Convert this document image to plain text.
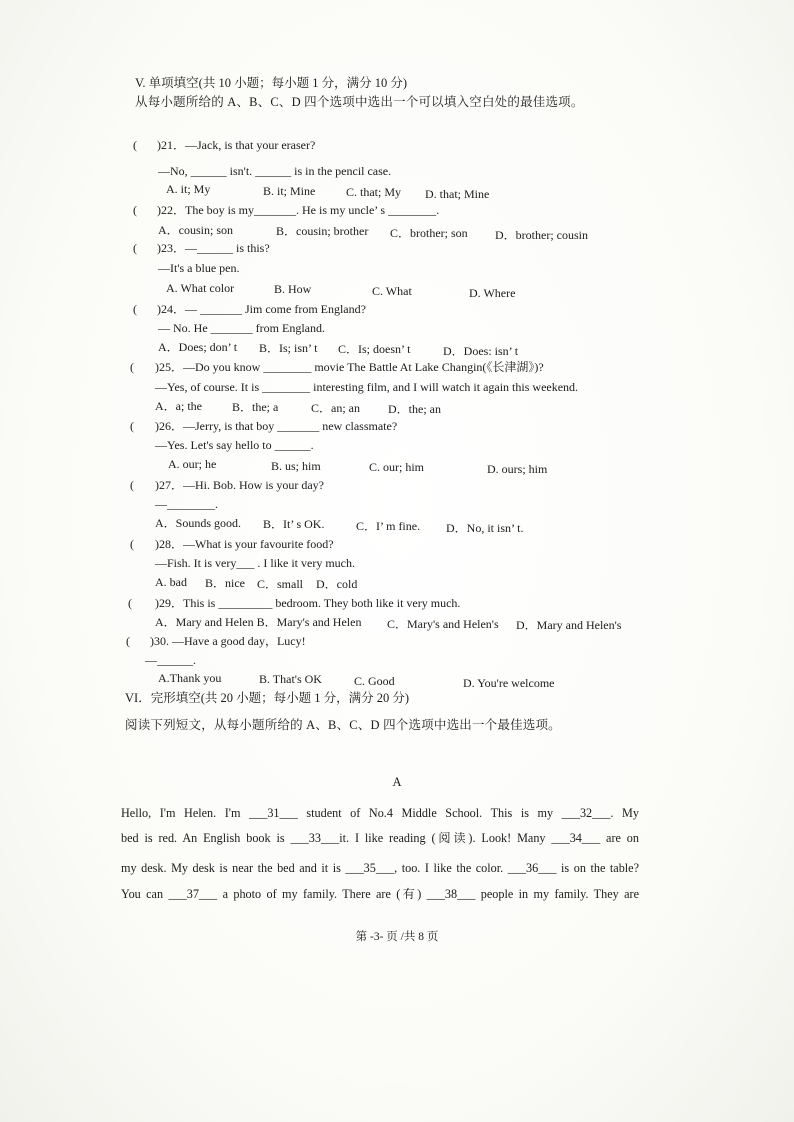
V. 单项填空(共 10 小题；每小题 1 分，满分 10 分)
从每小题所给的 A、B、C、D 四个选项中选出一个可以填入空白处的最佳选项。
( )21．—Jack, is that your eraser?
—No, ______ isn't. ______ is in the pencil case.
A. it; My	B. it; Mine	C. that; My D. that; Mine
( )22．The boy is my_______. He is my uncle’ s ________.
A．cousin; son	B．cousin; brother C．brother; son D．brother; cousin
( )23．—______ is this?
—It's a blue pen.
A. What color	B. How	C. What	D. Where
( )24．— _______ Jim come from England?
— No. He _______ from England.
A．Does; don’ t B．Is; isn’ t C．Is; doesn’ t	D．Does: isn’ t
( )25．—Do you know ________ movie The Battle At Lake Changin(《长津湖》)?
—Yes, of course. It is ________ interesting film, and I will watch it again this weekend.
A．a; the	B．the; a	C．an; an D．the; an
( )26．—Jerry, is that boy _______ new classmate?
—Yes. Let's say hello to ______.
A. our; he	B. us; him	C. our; him	D. ours; him
( )27．—Hi. Bob. How is your day?
—________.
A．Sounds good. B．It’ s OK.	C．I’ m fine. D．No, it isn’ t.
( )28．—What is your favourite food?
—Fish. It is very___ . I like it very much.
A. bad B．nice C．small D．cold
( )29．This is _________ bedroom. They both like it very much.
A．Mary and Helen B．Mary's and Helen C．Mary's and Helen's D．Mary and Helen's
( )30. —Have a good day，Lucy!
—______.
A.Thank you	B. That's OK	C. Good	D. You're welcome
VI．完形填空(共 20 小题；每小题 1 分，满分 20 分)
阅读下列短文，从每小题所给的 A、B、C、D 四个选项中选出一个最佳选项。
A
Hello, I'm Helen. I'm ___31___ student of No.4 Middle School. This is my ___32___. My
bed is red. An English book is ___33___it. I like reading (阅读). Look! Many ___34___ are on
my desk. My desk is near the bed and it is ___35___, too. I like the color. ___36___ is on the table?
You can ___37___ a photo of my family. There are (有) ___38___ people in my family. They are
第 -3- 页 /共 8 页
